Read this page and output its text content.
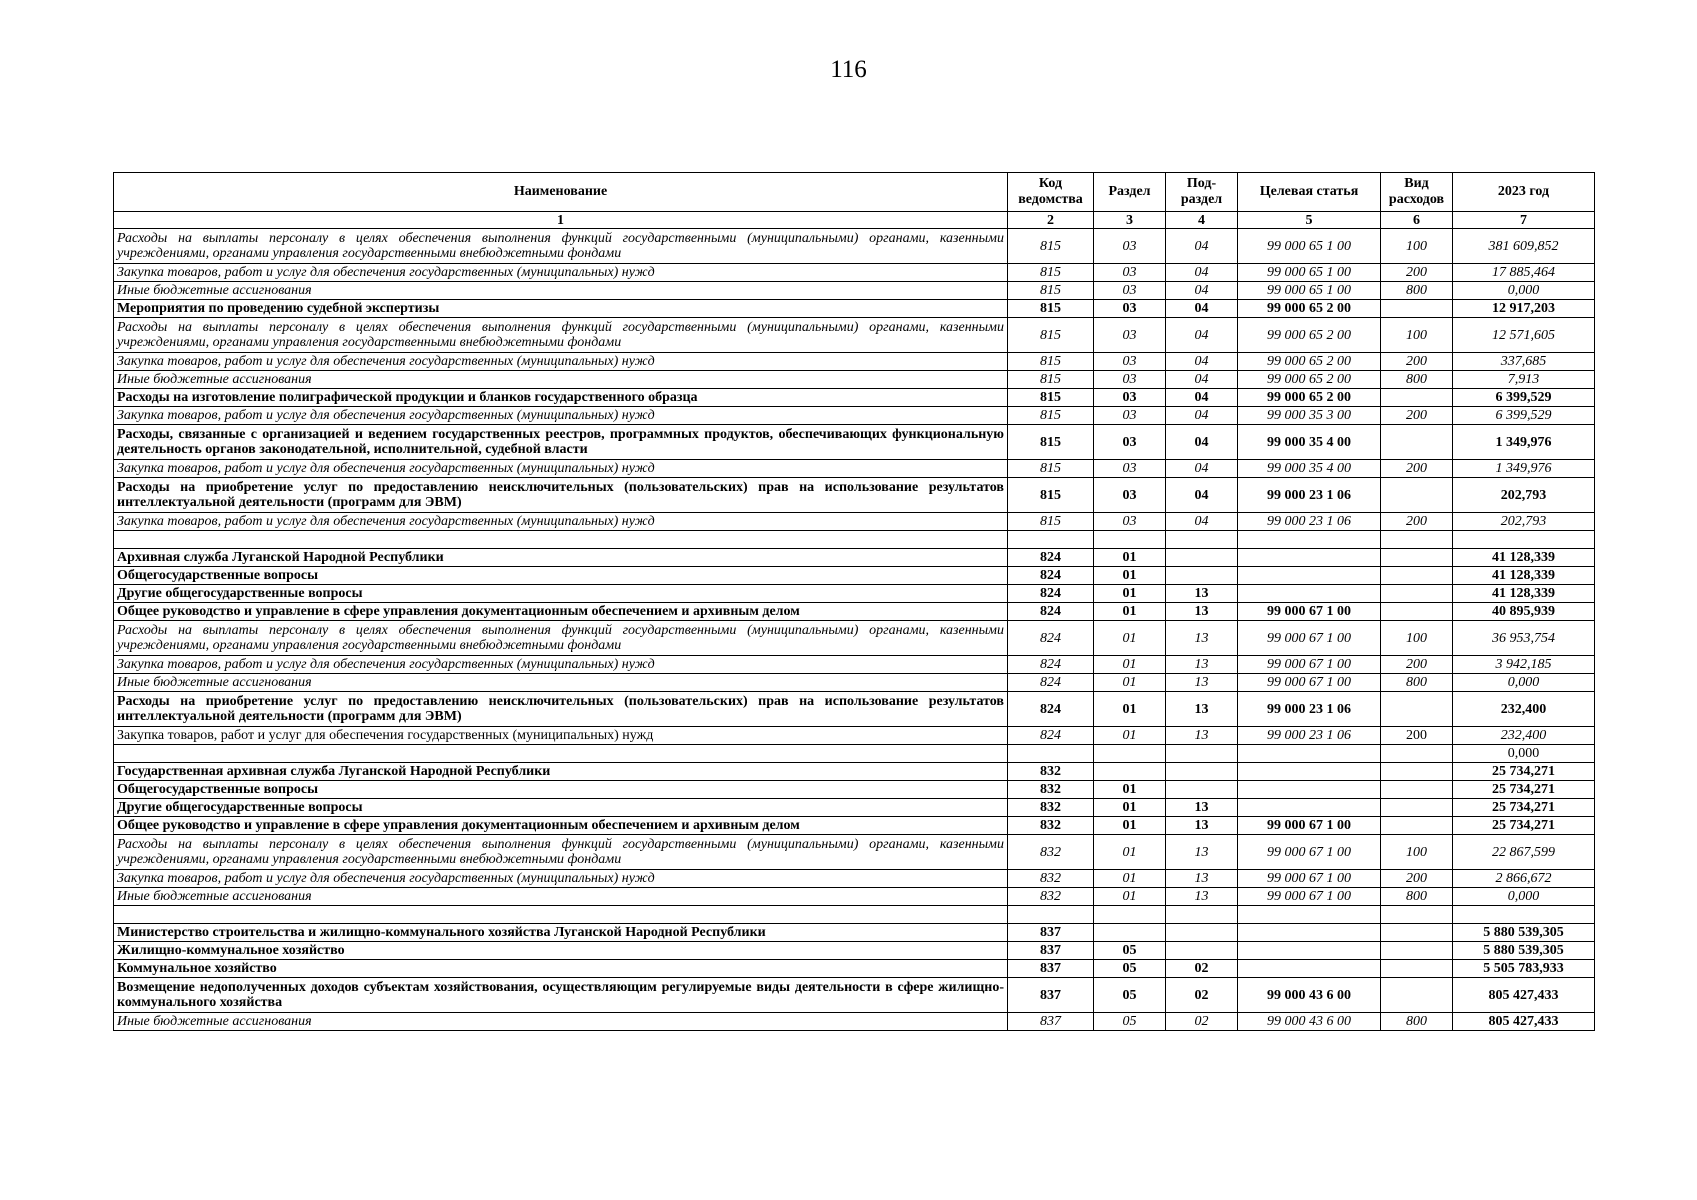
116
Наименование	Код ведомства	Раздел	Под-раздел	Целевая статья	Вид расходов	2023 год
1	2	3	4	5	6	7
Расходы на выплаты персоналу в целях обеспечения выполнения функций государственными (муниципальными) органами, казенными учреждениями, органами управления государственными внебюджетными фондами	815	03	04	99 000 65 1 00	100	381 609,852
Закупка товаров, работ и услуг для обеспечения государственных (муниципальных) нужд	815	03	04	99 000 65 1 00	200	17 885,464
Иные бюджетные ассигнования	815	03	04	99 000 65 1 00	800	0,000
Мероприятия по проведению судебной экспертизы	815	03	04	99 000 65 2 00		12 917,203
Расходы на выплаты персоналу в целях обеспечения выполнения функций государственными (муниципальными) органами, казенными учреждениями, органами управления государственными внебюджетными фондами	815	03	04	99 000 65 2 00	100	12 571,605
Закупка товаров, работ и услуг для обеспечения государственных (муниципальных) нужд	815	03	04	99 000 65 2 00	200	337,685
Иные бюджетные ассигнования	815	03	04	99 000 65 2 00	800	7,913
Расходы на изготовление полиграфической продукции и бланков государственного образца	815	03	04	99 000 65 2 00		6 399,529
Закупка товаров, работ и услуг для обеспечения государственных (муниципальных) нужд	815	03	04	99 000 35 3 00	200	6 399,529
Расходы, связанные с организацией и ведением государственных реестров, программных продуктов, обеспечивающих функциональную деятельность органов законодательной, исполнительной, судебной власти	815	03	04	99 000 35 4 00		1 349,976
Закупка товаров, работ и услуг для обеспечения государственных (муниципальных) нужд	815	03	04	99 000 35 4 00	200	1 349,976
Расходы на приобретение услуг по предоставлению неисключительных (пользовательских) прав на использование результатов интеллектуальной деятельности (программ для ЭВМ)	815	03	04	99 000 23 1 06		202,793
Закупка товаров, работ и услуг для обеспечения государственных (муниципальных) нужд	815	03	04	99 000 23 1 06	200	202,793

Архивная служба Луганской Народной Республики	824	01				41 128,339
Общегосударственные вопросы	824	01				41 128,339
Другие общегосударственные вопросы	824	01	13			41 128,339
Общее руководство и управление в сфере управления документационным обеспечением и архивным делом	824	01	13	99 000 67 1 00		40 895,939
Расходы на выплаты персоналу в целях обеспечения выполнения функций государственными (муниципальными) органами, казенными учреждениями, органами управления государственными внебюджетными фондами	824	01	13	99 000 67 1 00	100	36 953,754
Закупка товаров, работ и услуг для обеспечения государственных (муниципальных) нужд	824	01	13	99 000 67 1 00	200	3 942,185
Иные бюджетные ассигнования	824	01	13	99 000 67 1 00	800	0,000
Расходы на приобретение услуг по предоставлению неисключительных (пользовательских) прав на использование результатов интеллектуальной деятельности (программ для ЭВМ)	824	01	13	99 000 23 1 06		232,400
Закупка товаров, работ и услуг для обеспечения государственных (муниципальных) нужд	824	01	13	99 000 23 1 06	200	232,400
						0,000
Государственная архивная служба Луганской Народной Республики	832					25 734,271
Общегосударственные вопросы	832	01				25 734,271
Другие общегосударственные вопросы	832	01	13			25 734,271
Общее руководство и управление в сфере управления документационным обеспечением и архивным делом	832	01	13	99 000 67 1 00		25 734,271
Расходы на выплаты персоналу в целях обеспечения выполнения функций государственными (муниципальными) органами, казенными учреждениями, органами управления государственными внебюджетными фондами	832	01	13	99 000 67 1 00	100	22 867,599
Закупка товаров, работ и услуг для обеспечения государственных (муниципальных) нужд	832	01	13	99 000 67 1 00	200	2 866,672
Иные бюджетные ассигнования	832	01	13	99 000 67 1 00	800	0,000

Министерство строительства и жилищно-коммунального хозяйства Луганской Народной Республики	837					5 880 539,305
Жилищно-коммунальное хозяйство	837	05				5 880 539,305
Коммунальное хозяйство	837	05	02			5 505 783,933
Возмещение недополученных доходов субъектам хозяйствования, осуществляющим регулируемые виды деятельности в сфере жилищно-коммунального хозяйства	837	05	02	99 000 43 6 00		805 427,433
Иные бюджетные ассигнования	837	05	02	99 000 43 6 00	800	805 427,433
